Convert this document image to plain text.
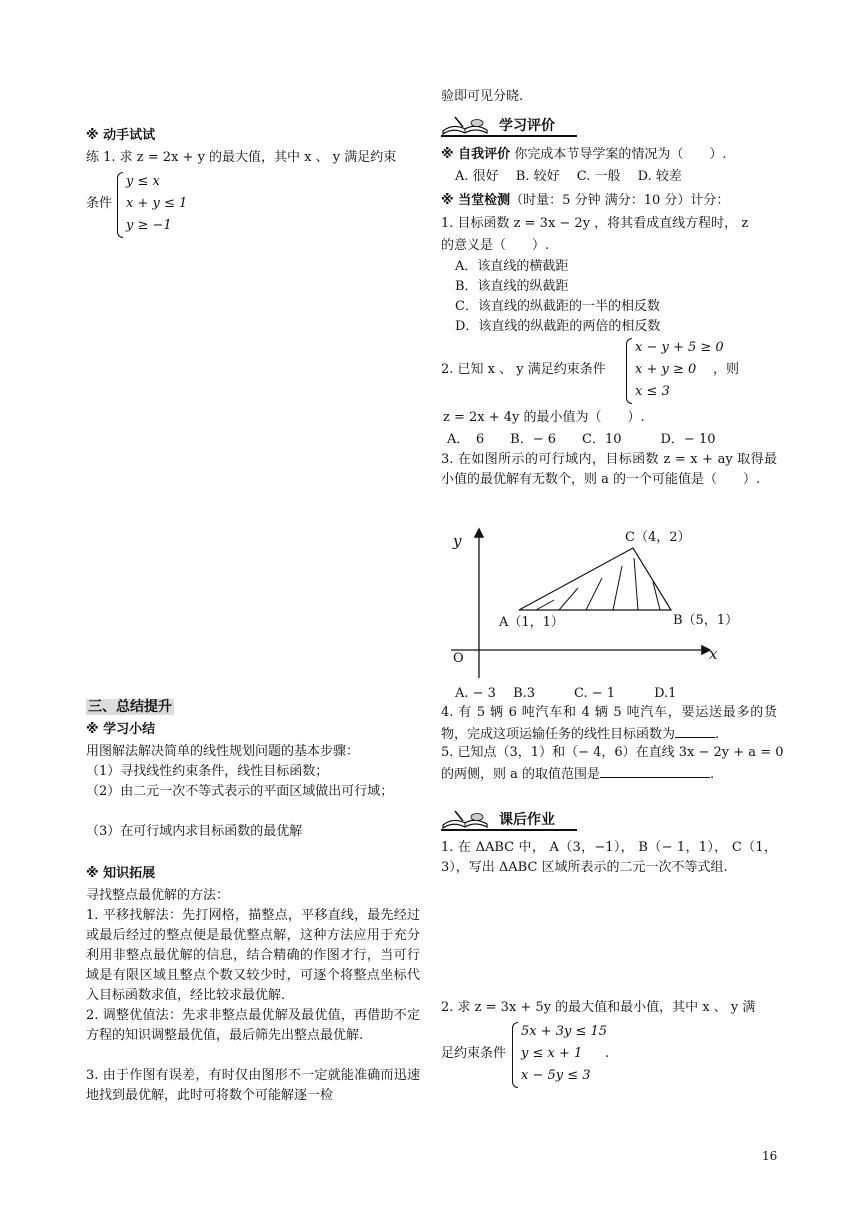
※ 动手试试
练 1. 求 z = 2x + y 的最大值，其中 x 、 y 满足约束
条件
y ≤ x
x + y ≤ 1
y ≥ −1
三、总结提升
※ 学习小结
用图解法解决简单的线性规划问题的基本步骤：
（1）寻找线性约束条件，线性目标函数；
（2）由二元一次不等式表示的平面区域做出可行域；
（3）在可行域内求目标函数的最优解
※ 知识拓展
寻找整点最优解的方法：
1. 平移找解法：先打网格，描整点，平移直线，最先经过或最后经过的整点便是最优整点解，这种方法应用于充分利用非整点最优解的信息，结合精确的作图才行，当可行域是有限区域且整点个数又较少时，可逐个将整点坐标代入目标函数求值，经比较求最优解.
2. 调整优值法：先求非整点最优解及最优值，再借助不定方程的知识调整最优值，最后筛先出整点最优解.
3. 由于作图有误差，有时仅由图形不一定就能准确而迅速地找到最优解，此时可将数个可能解逐一检
验即可见分晓.
学习评价
※ 自我评价 你完成本节导学案的情况为（　　）.
A. 很好　 B. 较好　 C. 一般　 D. 较差
※ 当堂检测（时量：5 分钟 满分：10 分）计分：
1. 目标函数 z = 3x − 2y ，将其看成直线方程时， z
的意义是（　　）.
A．该直线的横截距
B．该直线的纵截距
C．该直线的纵截距的一半的相反数
D．该直线的纵截距的两倍的相反数
2. 已知 x 、 y 满足约束条件
x − y + 5 ≥ 0
x + y ≥ 0
x ≤ 3
，则
z = 2x + 4y 的最小值为（　　）.
A．　6　　B．− 6　　C．10　　　D．− 10
3. 在如图所示的可行域内，目标函数 z = x + ay 取得最小值的最优解有无数个，则 a 的一个可能值是（　　）.
y
x
O
A（1，1）	B（5，1）
C（4，2）
A. − 3　 B.3　　　C. − 1　　　D.1
4. 有 5 辆 6 吨汽车和 4 辆 5 吨汽车，要运送最多的货物，完成这项运输任务的线性目标函数为	.
5. 已知点（3，1）和（− 4，6）在直线 3x − 2y + a = 0
的两侧，则 a 的取值范围是	.
课后作业
1. 在 ΔABC 中， A（3，−1）， B（− 1，1）， C（1，3），写出 ΔABC 区域所表示的二元一次不等式组.
2. 求 z = 3x + 5y 的最大值和最小值，其中 x 、 y 满
足约束条件
5x + 3y ≤ 15
y ≤ x + 1
x − 5y ≤ 3
.
16
